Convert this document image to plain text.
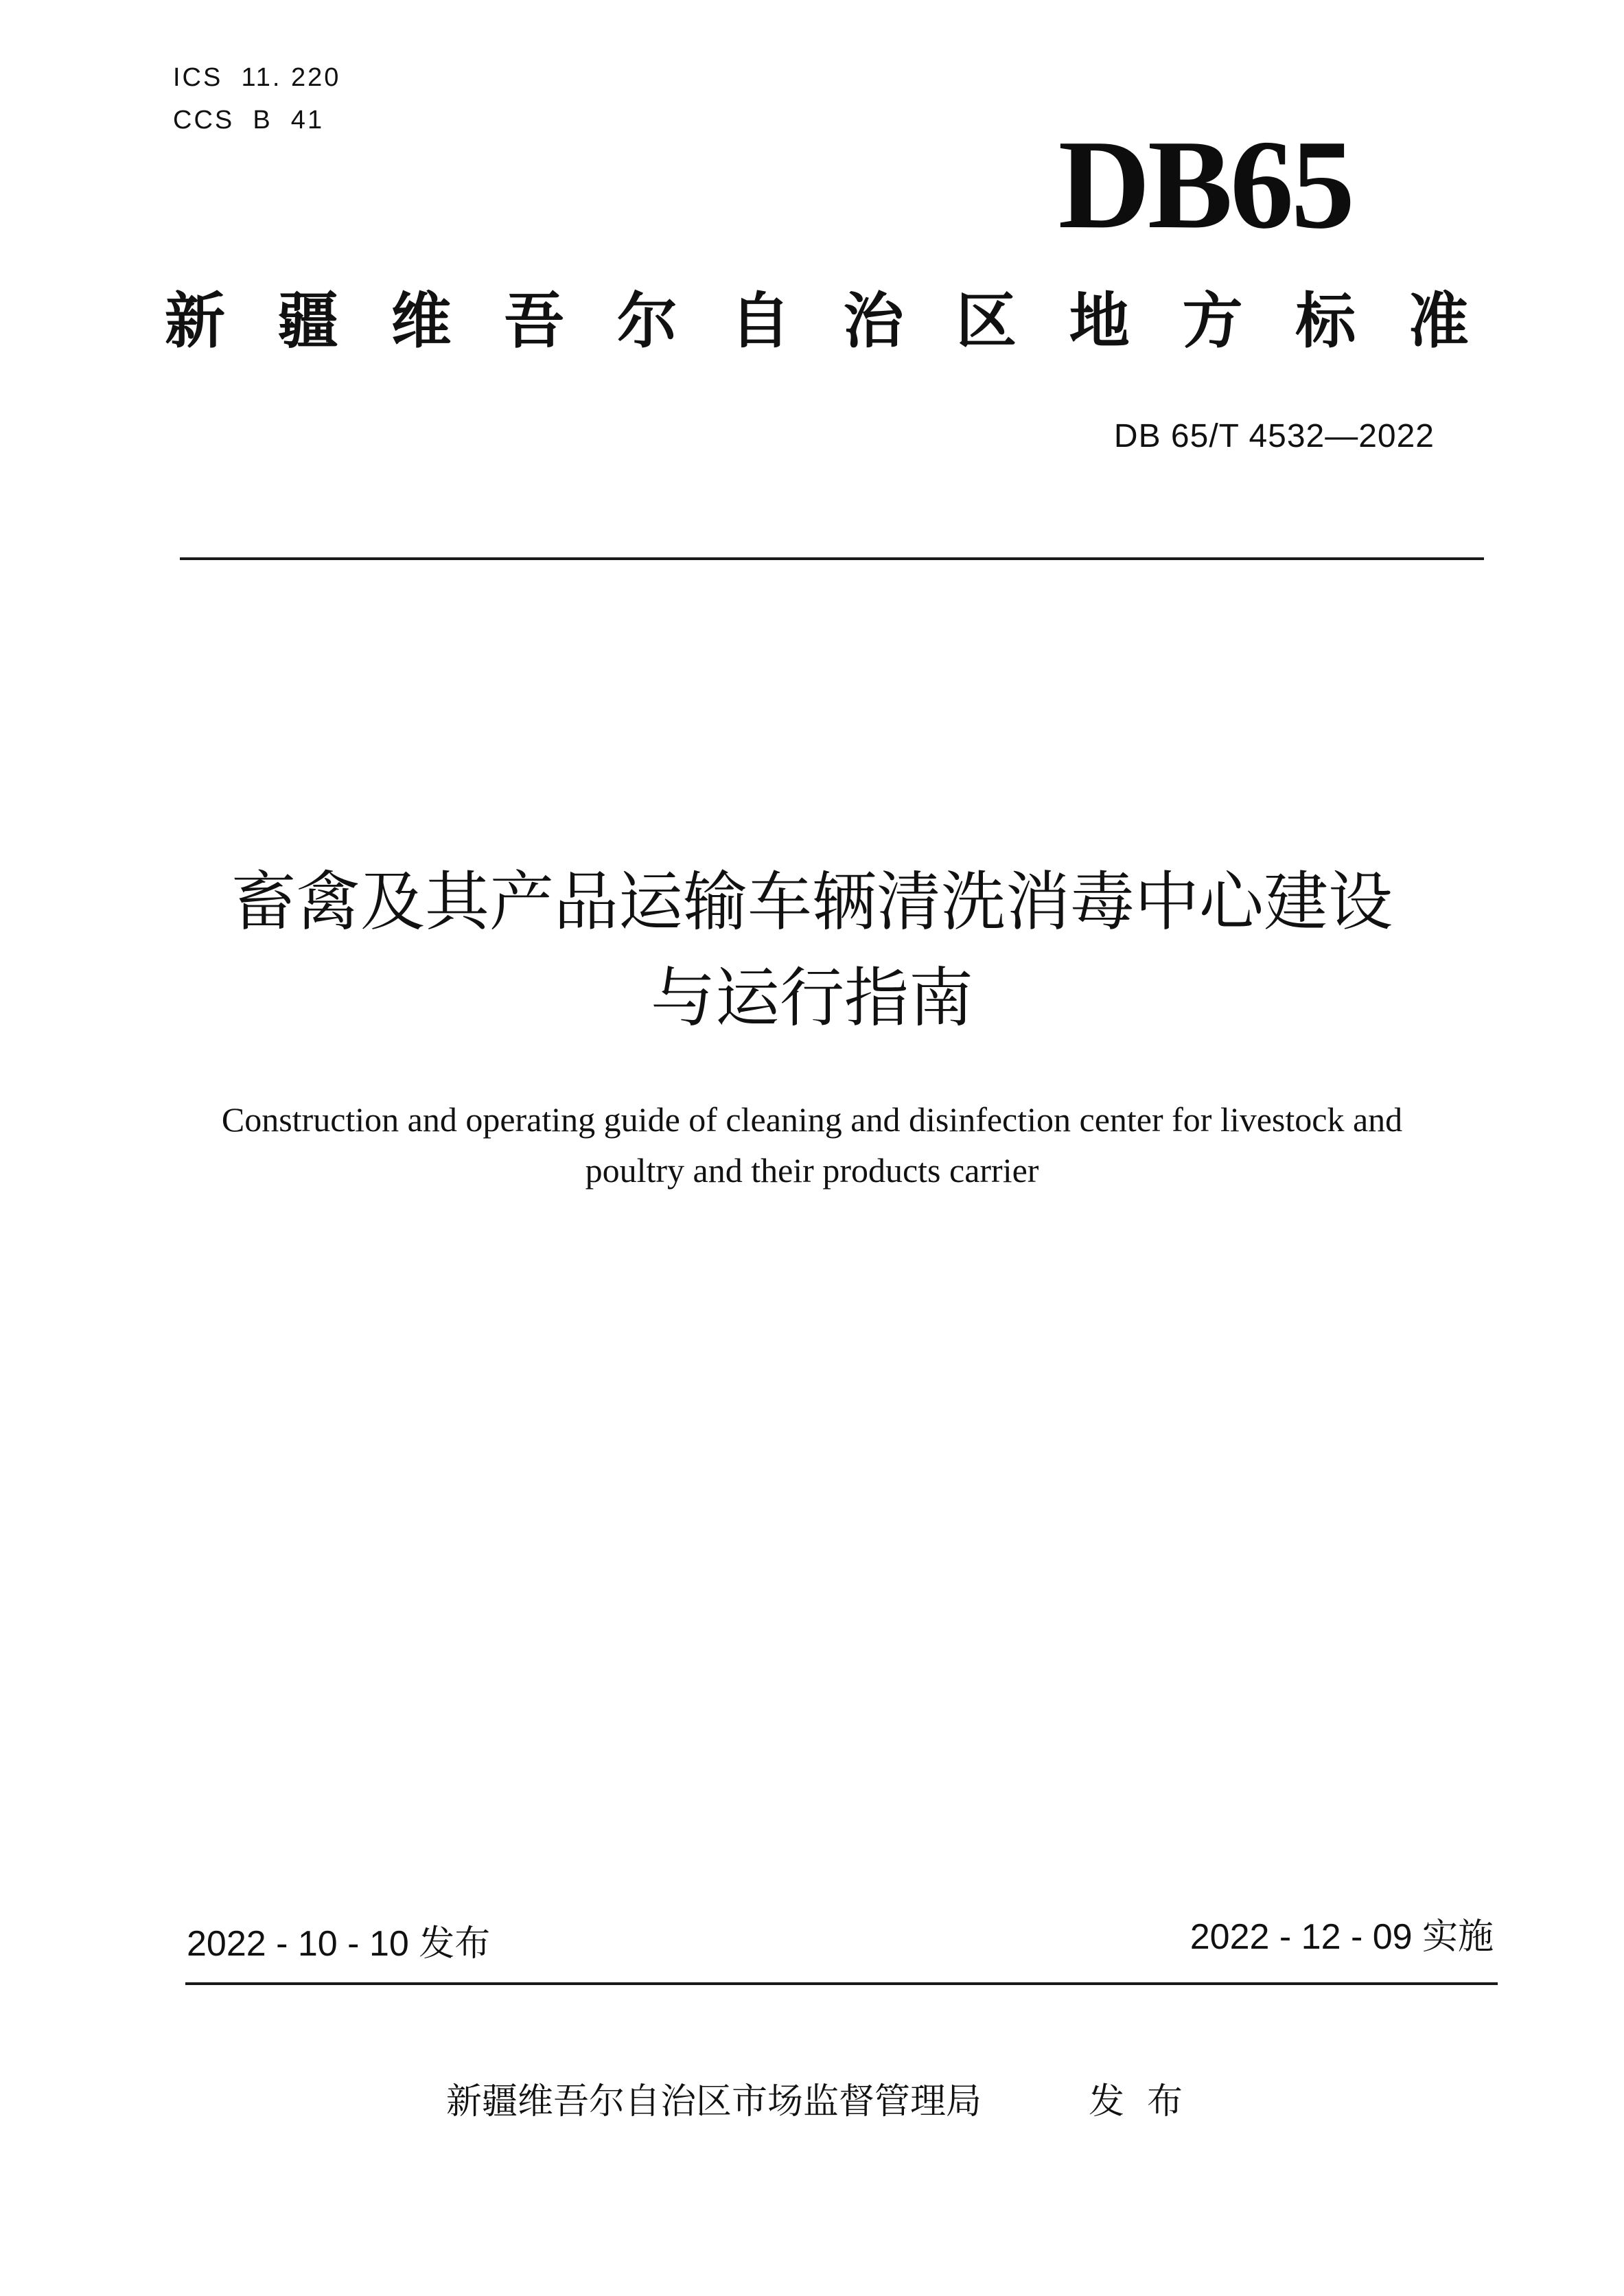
ICS  11. 220
CCS  B  41	DB65
新 疆 维 吾 尔 自 治 区 地 方 标 准
DB 65/T 4532—2022
畜禽及其产品运输车辆清洗消毒中心建设
与运行指南
Construction and operating guide of cleaning and disinfection center for livestock and
poultry and their products carrier
2022 - 10 - 10 发布	2022 - 12 - 09 实施
新疆维吾尔自治区市场监督管理局	发  布
